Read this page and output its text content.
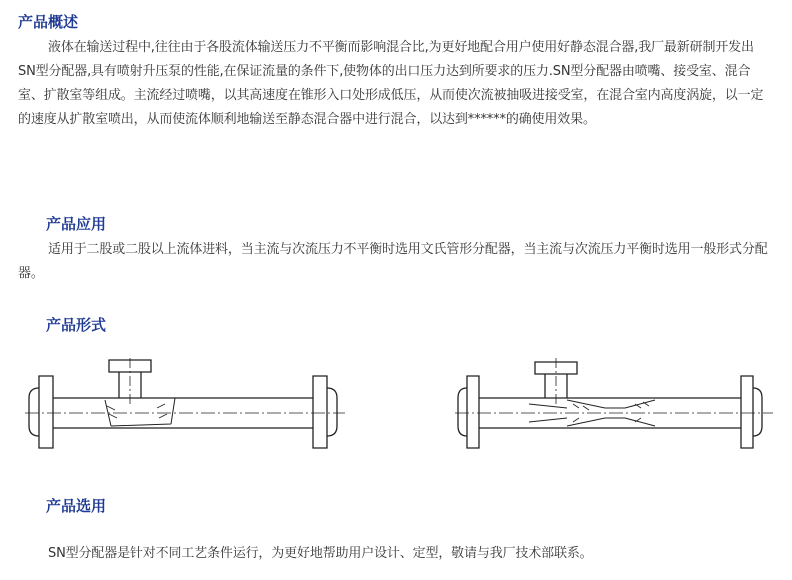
产品概述

液体在输送过程中,往往由于各股流体输送压力不平衡而影响混合比,为更好地配合用户使用好静态混合器,我厂最新研制开发出SN型分配器,具有喷射升压泵的性能,在保证流量的条件下,使物体的出口压力达到所要求的压力.SN型分配器由喷嘴、接受室、混合室、扩散室等组成。主流经过喷嘴，以其高速度在锥形入口处形成低压，从而使次流被抽吸进接受室，在混合室内高度涡旋，以一定的速度从扩散室喷出，从而使流体顺利地输送至静态混合器中进行混合，以达到******的确使用效果。

产品应用

适用于二股或二股以上流体进料，当主流与次流压力不平衡时选用文氏管形分配器，当主流与次流压力平衡时选用一般形式分配器。

产品形式
产品选用

SN型分配器是针对不同工艺条件运行，为更好地帮助用户设计、定型，敬请与我厂技术部联系。
